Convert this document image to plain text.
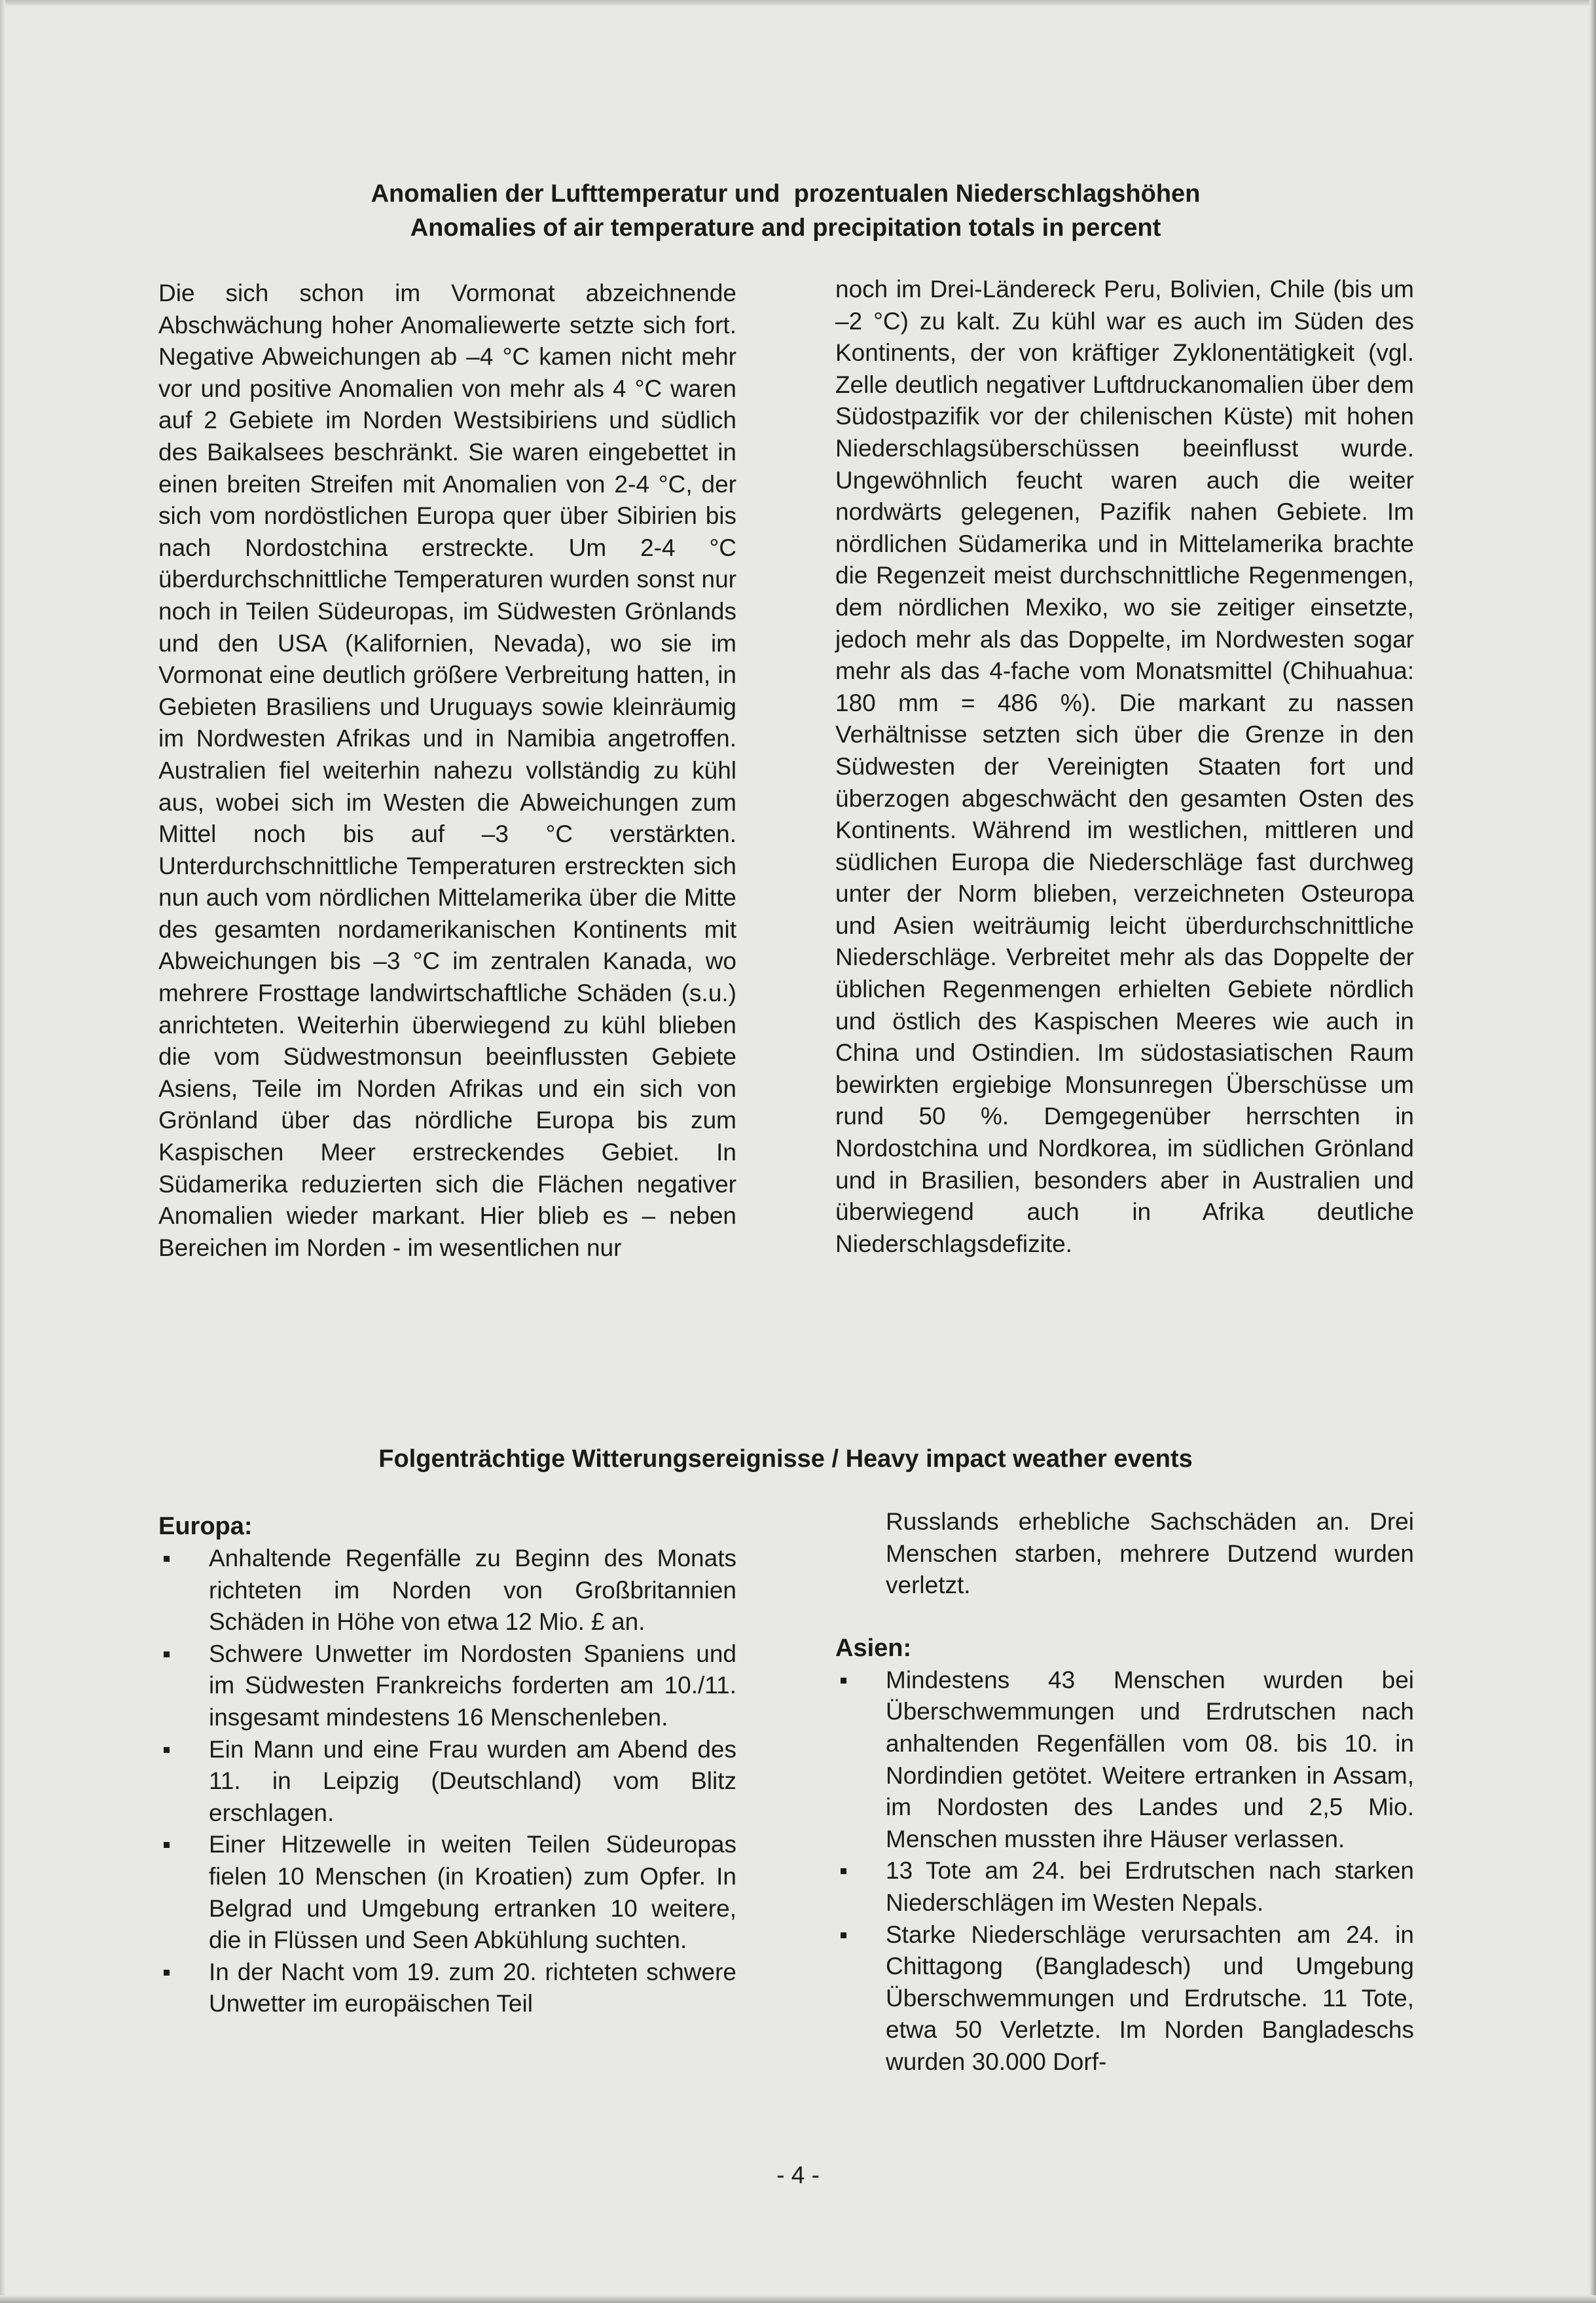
Anomalien der Lufttemperatur und  prozentualen Niederschlagshöhen
Anomalies of air temperature and precipitation totals in percent

Die sich schon im Vormonat abzeichnende Abschwächung hoher Anomaliewerte setzte sich fort. Negative Abweichungen ab –4 °C kamen nicht mehr vor und positive Anomalien von mehr als 4 °C waren auf 2 Gebiete im Norden Westsibiriens und südlich des Baikalsees beschränkt. Sie waren eingebettet in einen breiten Streifen mit Anomalien von 2-4 °C, der sich vom nordöstlichen Europa quer über Sibirien bis nach Nordostchina erstreckte. Um 2-4 °C überdurchschnittliche Temperaturen wurden sonst nur noch in Teilen Südeuropas, im Südwesten Grönlands und den USA (Kalifornien, Nevada), wo sie im Vormonat eine deutlich größere Verbreitung hatten, in Gebieten Brasiliens und Uruguays sowie kleinräumig im Nordwesten Afrikas und in Namibia angetroffen. Australien fiel weiterhin nahezu vollständig zu kühl aus, wobei sich im Westen die Abweichungen zum Mittel noch bis auf –3 °C verstärkten. Unterdurchschnittliche Temperaturen erstreckten sich nun auch vom nördlichen Mittelamerika über die Mitte des gesamten nordamerikanischen Kontinents mit Abweichungen bis –3 °C im zentralen Kanada, wo mehrere Frosttage landwirtschaftliche Schäden (s.u.) anrichteten. Weiterhin überwiegend zu kühl blieben die vom Südwestmonsun beeinflussten Gebiete Asiens, Teile im Norden Afrikas und ein sich von Grönland über das nördliche Europa bis zum Kaspischen Meer erstreckendes Gebiet. In Südamerika reduzierten sich die Flächen negativer Anomalien wieder markant. Hier blieb es – neben Bereichen im Norden - im wesentlichen nur

noch im Drei-Ländereck Peru, Bolivien, Chile (bis um –2 °C) zu kalt. Zu kühl war es auch im Süden des Kontinents, der von kräftiger Zyklonentätigkeit (vgl. Zelle deutlich negativer Luftdruckanomalien über dem Südostpazifik vor der chilenischen Küste) mit hohen Niederschlagsüberschüssen beeinflusst wurde. Ungewöhnlich feucht waren auch die weiter nordwärts gelegenen, Pazifik nahen Gebiete. Im nördlichen Südamerika und in Mittelamerika brachte die Regenzeit meist durchschnittliche Regenmengen, dem nördlichen Mexiko, wo sie zeitiger einsetzte, jedoch mehr als das Doppelte, im Nordwesten sogar mehr als das 4-fache vom Monatsmittel (Chihuahua: 180 mm = 486 %). Die markant zu nassen Verhältnisse setzten sich über die Grenze in den Südwesten der Vereinigten Staaten fort und überzogen abgeschwächt den gesamten Osten des Kontinents. Während im westlichen, mittleren und südlichen Europa die Niederschläge fast durchweg unter der Norm blieben, verzeichneten Osteuropa und Asien weiträumig leicht überdurchschnittliche Niederschläge. Verbreitet mehr als das Doppelte der üblichen Regenmengen erhielten Gebiete nördlich und östlich des Kaspischen Meeres wie auch in China und Ostindien. Im südostasiatischen Raum bewirkten ergiebige Monsunregen Überschüsse um rund 50 %. Demgegenüber herrschten in Nordostchina und Nordkorea, im südlichen Grönland und in Brasilien, besonders aber in Australien und überwiegend auch in Afrika deutliche Niederschlagsdefizite.

Folgenträchtige Witterungsereignisse / Heavy impact weather events
Europa:
Anhaltende Regenfälle zu Beginn des Monats richteten im Norden von Großbritannien Schäden in Höhe von etwa 12 Mio. £ an.
Schwere Unwetter im Nordosten Spaniens und im Südwesten Frankreichs forderten am 10./11. insgesamt mindestens 16 Menschenleben.
Ein Mann und eine Frau wurden am Abend des 11. in Leipzig (Deutschland) vom Blitz erschlagen.
Einer Hitzewelle in weiten Teilen Südeuropas fielen 10 Menschen (in Kroatien) zum Opfer. In Belgrad und Umgebung ertranken 10 weitere, die in Flüssen und Seen Abkühlung suchten.
In der Nacht vom 19. zum 20. richteten schwere Unwetter im europäischen Teil
Russlands erhebliche Sachschäden an. Drei Menschen starben, mehrere Dutzend wurden verletzt.
Asien:
Mindestens 43 Menschen wurden bei Überschwemmungen und Erdrutschen nach anhaltenden Regenfällen vom 08. bis 10. in Nordindien getötet. Weitere ertranken in Assam, im Nordosten des Landes und 2,5 Mio. Menschen mussten ihre Häuser verlassen.
13 Tote am 24. bei Erdrutschen nach starken Niederschlägen im Westen Nepals.
Starke Niederschläge verursachten am 24. in Chittagong (Bangladesch) und Umgebung Überschwemmungen und Erdrutsche. 11 Tote, etwa 50 Verletzte. Im Norden Bangladeschs wurden 30.000 Dorf-
- 4 -
